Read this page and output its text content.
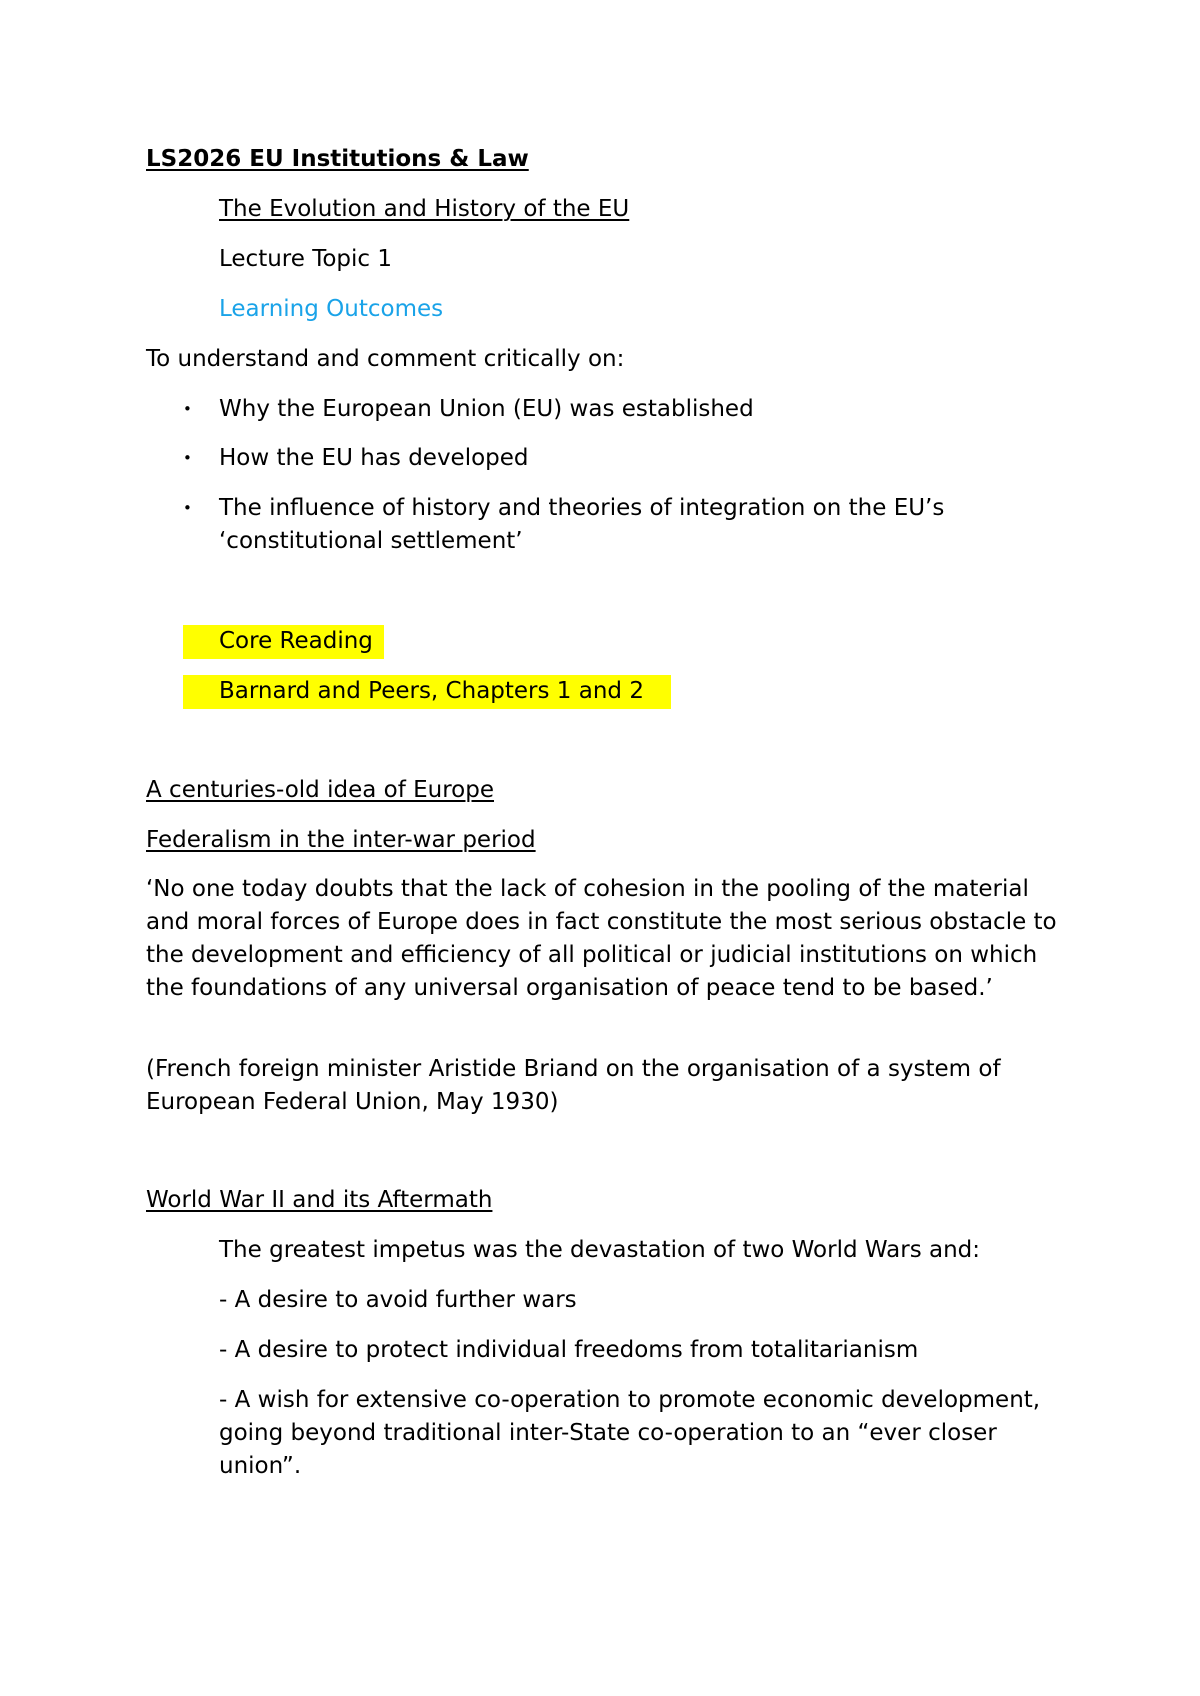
LS2026 EU Institutions & Law

The Evolution and History of the EU

Lecture Topic 1

Learning Outcomes

To understand and comment critically on:

• Why the European Union (EU) was established

• How the EU has developed

• The influence of history and theories of integration on the EU’s ‘constitutional settlement’

Core Reading

Barnard and Peers, Chapters 1 and 2

A centuries-old idea of Europe

Federalism in the inter-war period

‘No one today doubts that the lack of cohesion in the pooling of the material and moral forces of Europe does in fact constitute the most serious obstacle to the development and efficiency of all political or judicial institutions on which the foundations of any universal organisation of peace tend to be based.’

(French foreign minister Aristide Briand on the organisation of a system of European Federal Union, May 1930)

World War II and its Aftermath

The greatest impetus was the devastation of two World Wars and:

- A desire to avoid further wars

- A desire to protect individual freedoms from totalitarianism

- A wish for extensive co-operation to promote economic development, going beyond traditional inter-State co-operation to an “ever closer union”.
